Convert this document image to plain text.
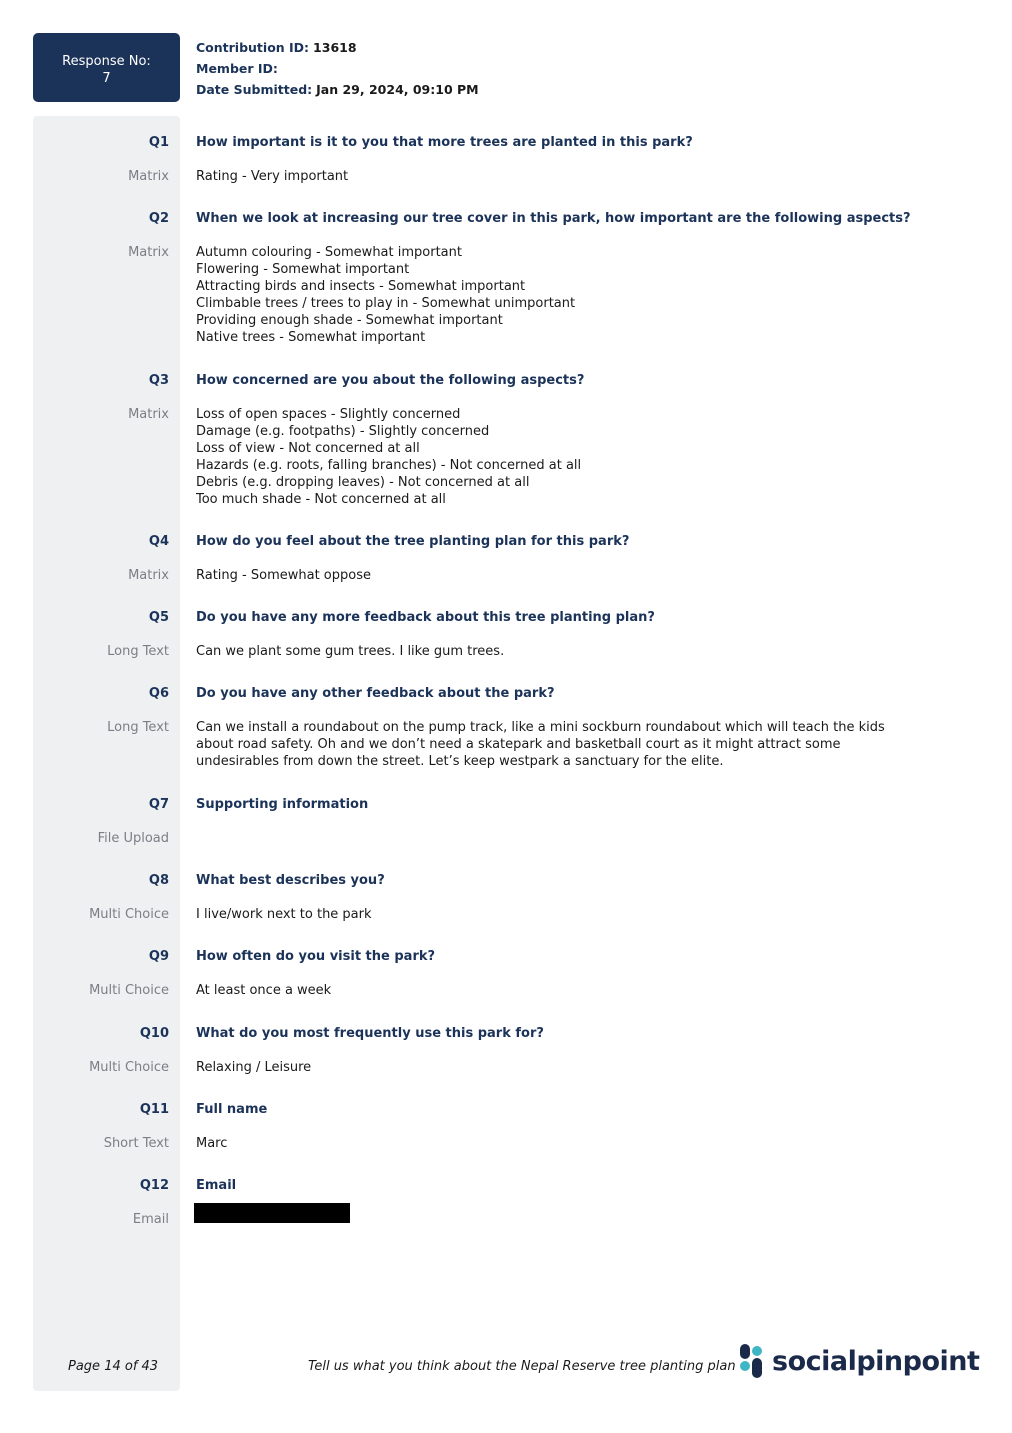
Response No:
7
Contribution ID: 13618
Member ID:
Date Submitted: Jan 29, 2024, 09:10 PM
Q1 How important is it to you that more trees are planted in this park?
Matrix Rating - Very important
Q2 When we look at increasing our tree cover in this park, how important are the following aspects?
Matrix Autumn colouring - Somewhat important
Flowering - Somewhat important
Attracting birds and insects - Somewhat important
Climbable trees / trees to play in - Somewhat unimportant
Providing enough shade - Somewhat important
Native trees - Somewhat important
Q3 How concerned are you about the following aspects?
Matrix Loss of open spaces - Slightly concerned
Damage (e.g. footpaths) - Slightly concerned
Loss of view - Not concerned at all
Hazards (e.g. roots, falling branches) - Not concerned at all
Debris (e.g. dropping leaves) - Not concerned at all
Too much shade - Not concerned at all
Q4 How do you feel about the tree planting plan for this park?
Matrix Rating - Somewhat oppose
Q5 Do you have any more feedback about this tree planting plan?
Long Text Can we plant some gum trees. I like gum trees.
Q6 Do you have any other feedback about the park?
Long Text Can we install a roundabout on the pump track, like a mini sockburn roundabout which will teach the kids about road safety. Oh and we don’t need a skatepark and basketball court as it might attract some undesirables from down the street. Let’s keep westpark a sanctuary for the elite.
Q7 Supporting information
File Upload
Q8 What best describes you?
Multi Choice I live/work next to the park
Q9 How often do you visit the park?
Multi Choice At least once a week
Q10 What do you most frequently use this park for?
Multi Choice Relaxing / Leisure
Q11 Full name
Short Text Marc
Q12 Email
Email
Page 14 of 43	Tell us what you think about the Nepal Reserve tree planting plan socialpinpoint
